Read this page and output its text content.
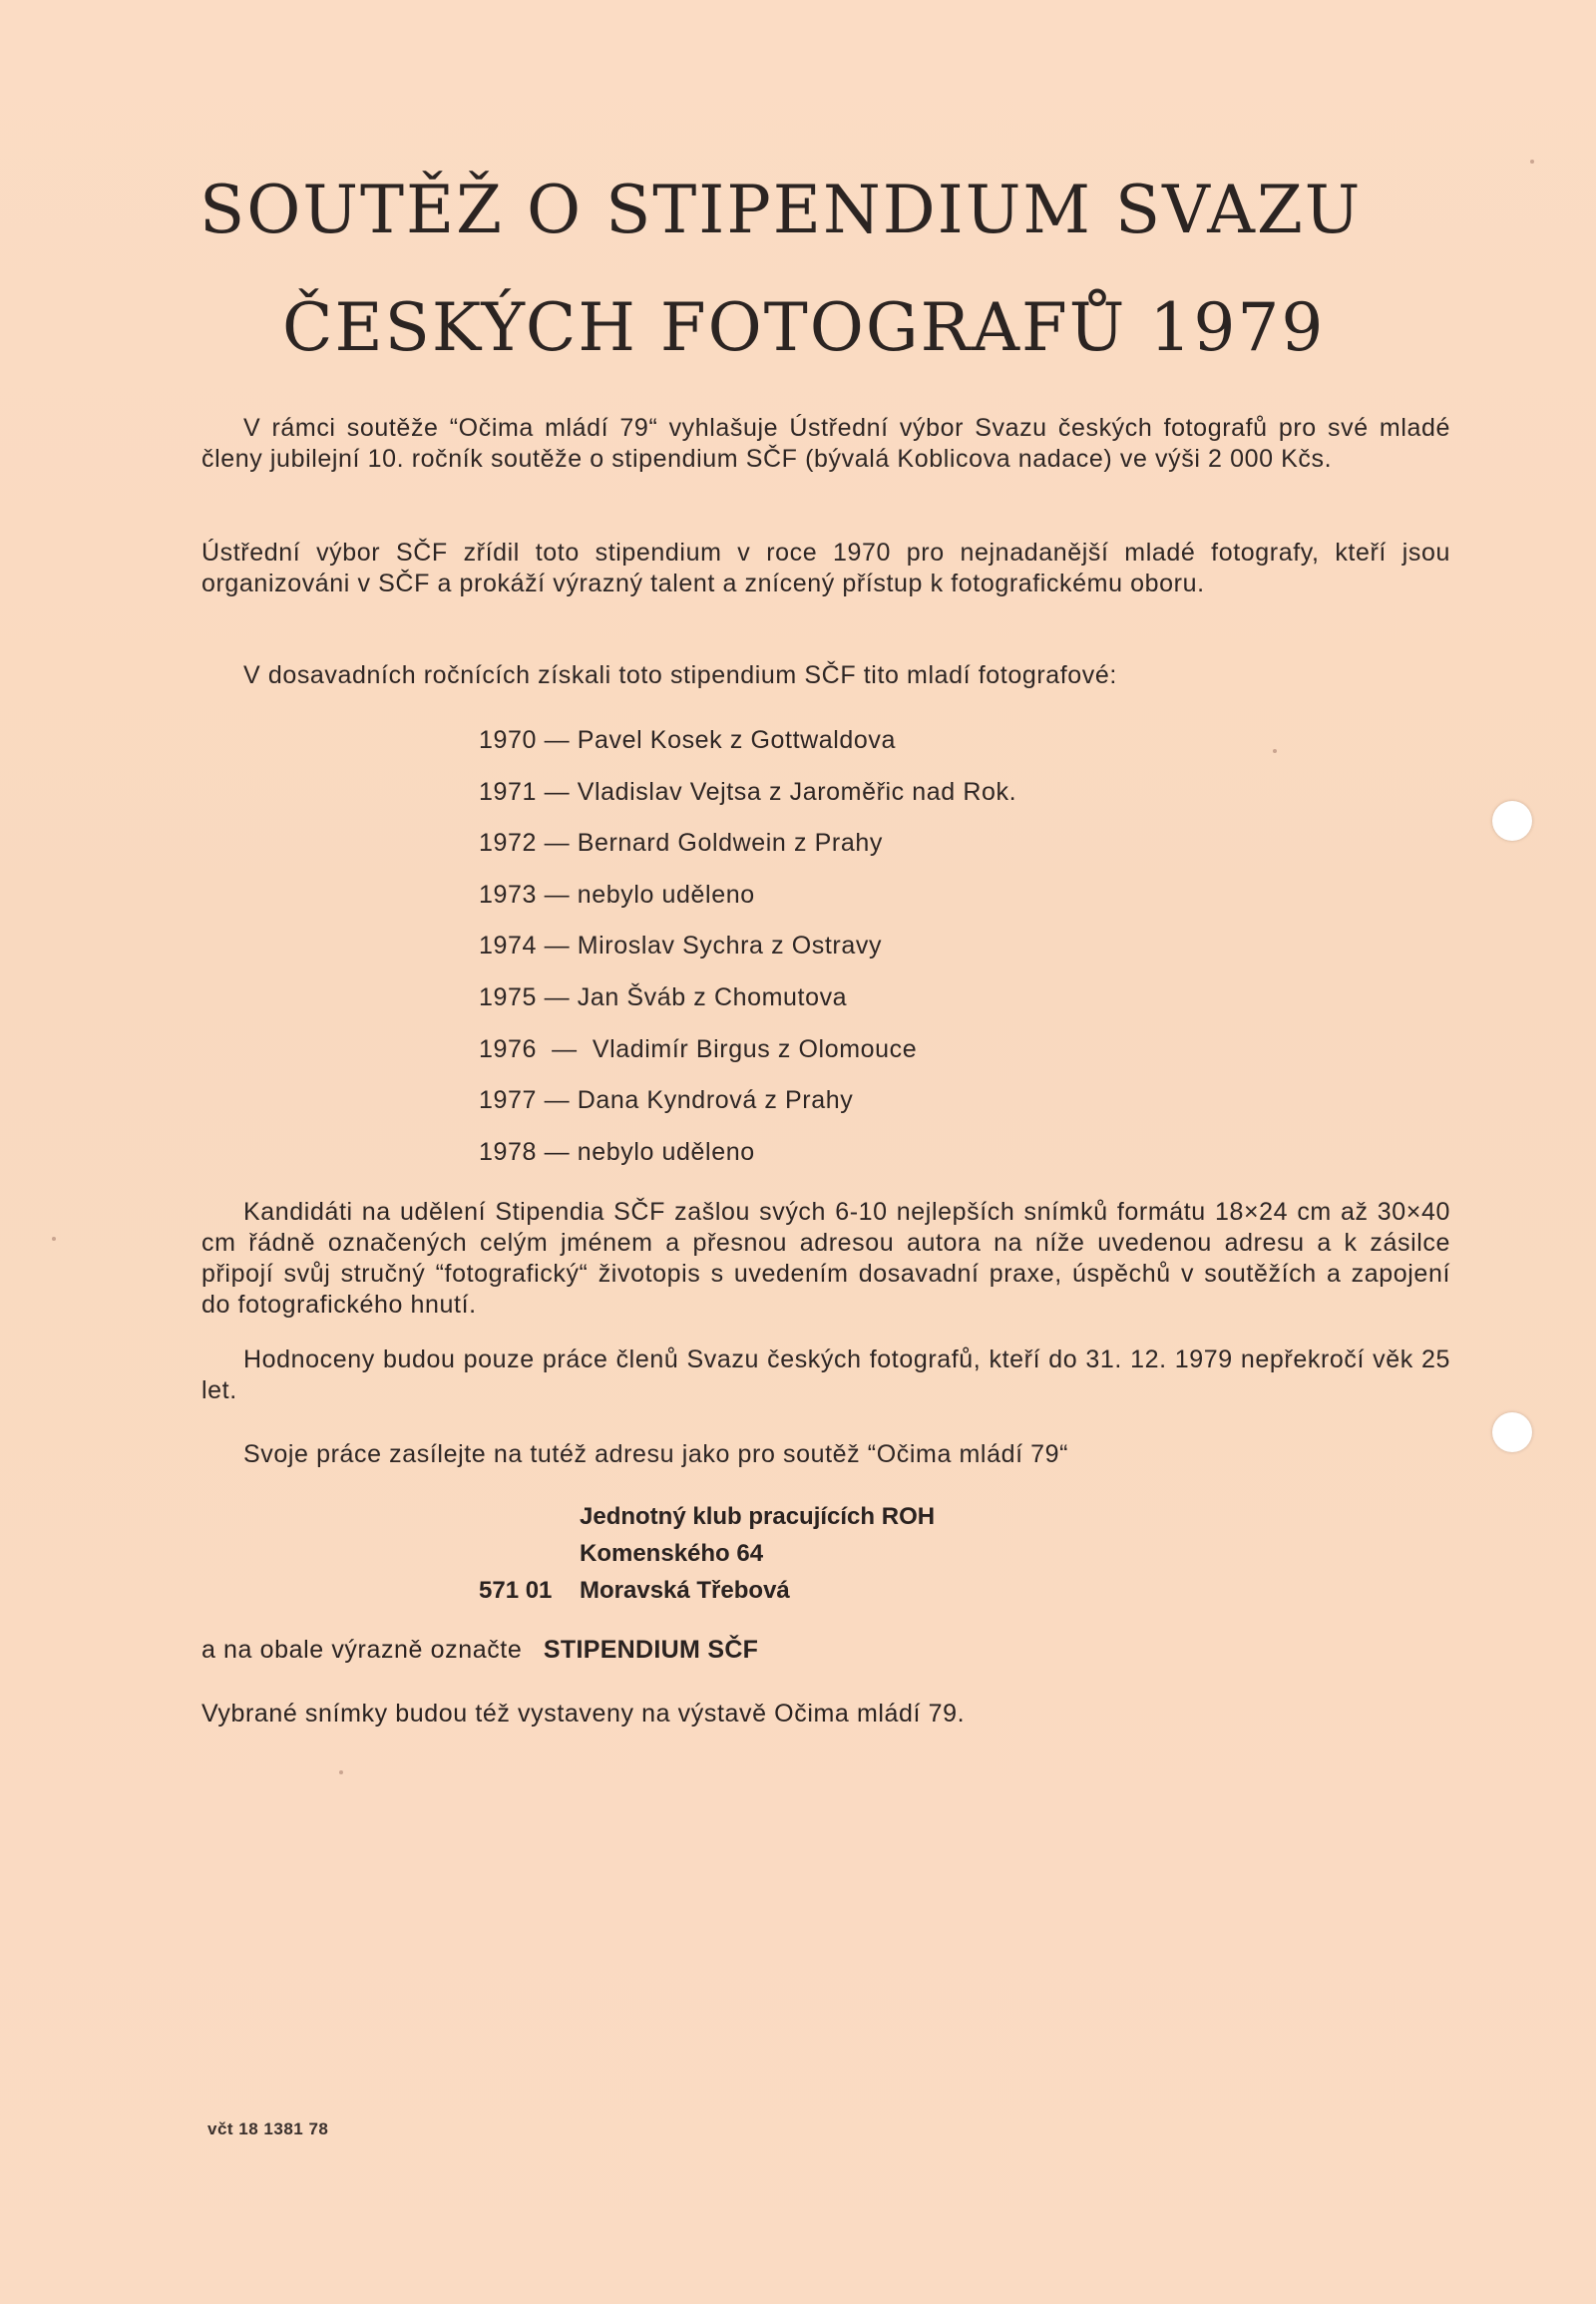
SOUTĚŽ O STIPENDIUM SVAZU
ČESKÝCH FOTOGRAFŮ 1979

V rámci soutěže “Očima mládí 79“ vyhlašuje Ústřední výbor Svazu českých fotografů pro své mladé členy jubilejní 10. ročník soutěže o stipendium SČF (bývalá Koblicova nadace) ve výši 2 000 Kčs.

Ústřední výbor SČF zřídil toto stipendium v roce 1970 pro nejnadanější mladé fotografy, kteří jsou organizováni v SČF a prokáží výrazný talent a znícený přístup k fotografickému oboru.

V dosavadních ročnících získali toto stipendium SČF tito mladí fotografové:

1970 — Pavel Kosek z Gottwaldova
1971 — Vladislav Vejtsa z Jaroměřic nad Rok.
1972 — Bernard Goldwein z Prahy
1973 — nebylo uděleno
1974 — Miroslav Sychra z Ostravy
1975 — Jan Šváb z Chomutova
1976 — Vladimír Birgus z Olomouce
1977 — Dana Kyndrová z Prahy
1978 — nebylo uděleno

Kandidáti na udělení Stipendia SČF zašlou svých 6-10 nejlepších snímků formátu 18×24 cm až 30×40 cm řádně označených celým jménem a přesnou adresou autora na níže uvedenou adresu a k zásilce připojí svůj stručný “fotografický“ životopis s uvedením dosavadní praxe, úspěchů v soutěžích a zapojení do fotografického hnutí.

Hodnoceny budou pouze práce členů Svazu českých fotografů, kteří do 31. 12. 1979 nepřekročí věk 25 let.

Svoje práce zasílejte na tutéž adresu jako pro soutěž “Očima mládí 79“

Jednotný klub pracujících ROH
Komenského 64
571 01 Moravská Třebová
a na obale výrazně označte STIPENDIUM SČF
Vybrané snímky budou též vystaveny na výstavě Očima mládí 79.
včt 18 1381 78
